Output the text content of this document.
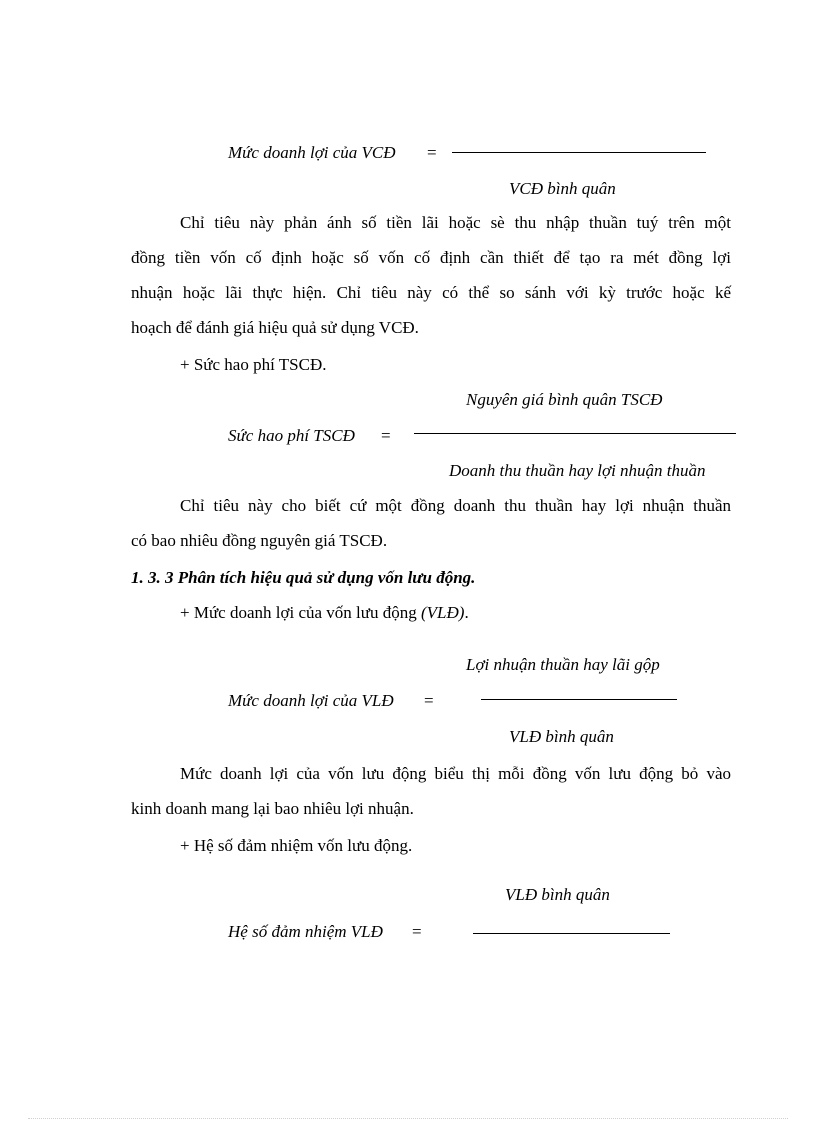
Mức doanh lợi của VCĐ =
VCĐ bình quân

Chỉ tiêu này phản ánh số tiền lãi hoặc sè thu nhập thuần tuý trên một

đồng tiền vốn cố định hoặc số vốn cố định cần thiết để tạo ra mét đồng lợi

nhuận hoặc lãi thực hiện. Chỉ tiêu này có thể so sánh với kỳ trước hoặc kế

hoạch để đánh giá hiệu quả sử dụng VCĐ.

+ Sức hao phí TSCĐ.
Nguyên giá bình quân TSCĐ
Sức hao phí TSCĐ =
Doanh thu thuần hay lợi nhuận thuần

Chỉ tiêu này cho biết cứ một đồng doanh thu thuần hay lợi nhuận thuần

có bao nhiêu đồng nguyên giá TSCĐ.

1. 3. 3 Phân tích hiệu quả sử dụng vốn lưu động.
+ Mức doanh lợi của vốn lưu động (VLĐ).
Lợi nhuận thuần hay lãi gộp
Mức doanh lợi của VLĐ =
VLĐ bình quân

Mức doanh lợi của vốn lưu động biểu thị mỗi đồng vốn lưu động bỏ vào

kinh doanh mang lại bao nhiêu lợi nhuận.

+ Hệ số đảm nhiệm vốn lưu động.
VLĐ bình quân
Hệ số đảm nhiệm VLĐ =
